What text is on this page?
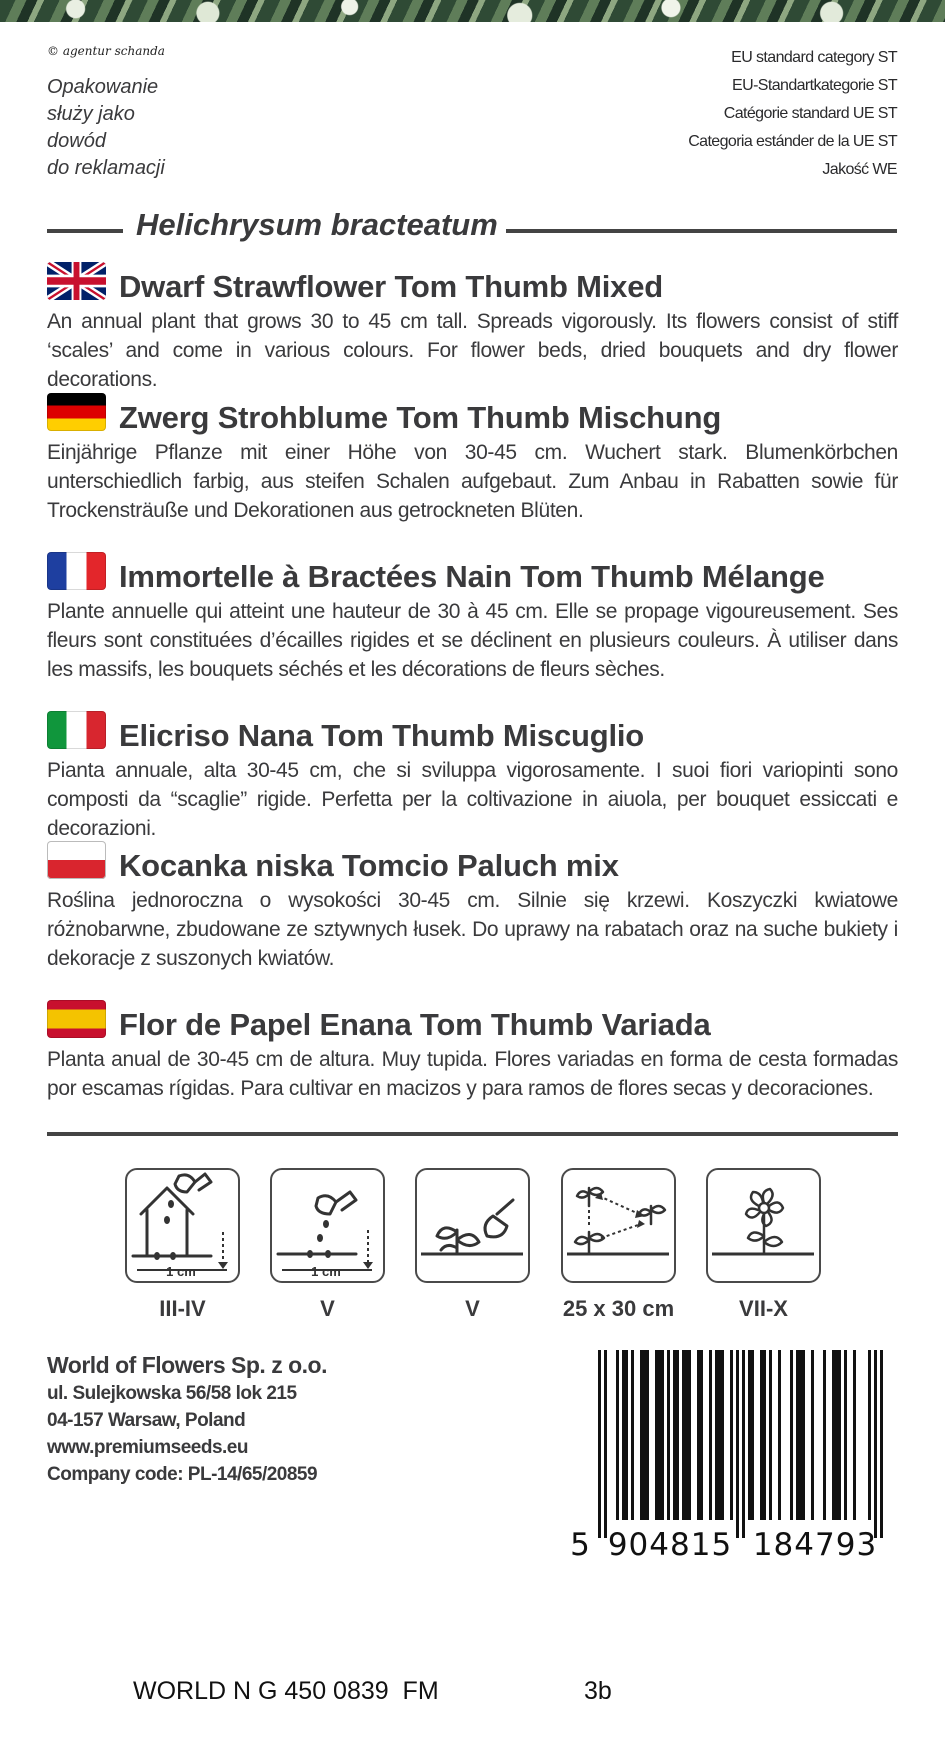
© agentur schanda
Opakowanie
służy jako
dowód
do reklamacji
EU standard category ST
EU-Standartkategorie ST
Catégorie standard UE ST
Categoria estánder de la UE ST
Jakość WE
Helichrysum bracteatum
Dwarf Strawflower Tom Thumb Mixed
An annual plant that grows 30 to 45 cm tall. Spreads vigorously. Its flowers consist of stiff ‘scales’ and come in various colours. For flower beds, dried bouquets and dry flower decorations.
Zwerg Strohblume Tom Thumb Mischung
Einjährige Pflanze mit einer Höhe von 30-45 cm. Wuchert stark. Blumenkörbchen unterschiedlich farbig, aus steifen Schalen aufgebaut. Zum Anbau in Rabatten sowie für Trockensträuße und Dekorationen aus getrockneten Blüten.
Immortelle à Bractées Nain Tom Thumb Mélange
Plante annuelle qui atteint une hauteur de 30 à 45 cm. Elle se propage vigoureusement. Ses fleurs sont constituées d’écailles rigides et se déclinent en plusieurs couleurs. À utiliser dans les massifs, les bouquets séchés et les décorations de fleurs sèches.
Elicriso Nana Tom Thumb Miscuglio
Pianta annuale, alta 30-45 cm, che si sviluppa vigorosamente. I suoi fiori variopinti sono composti da “scaglie” rigide. Perfetta per la coltivazione in aiuola, per bouquet essiccati e decorazioni.
Kocanka niska Tomcio Paluch mix
Roślina jednoroczna o wysokości 30-45 cm. Silnie się krzewi. Koszyczki kwiatowe różnobarwne, zbudowane ze sztywnych łusek. Do uprawy na rabatach oraz na suche bukiety i dekoracje z suszonych kwiatów.
Flor de Papel Enana Tom Thumb Variada
Planta anual de 30-45 cm de altura. Muy tupida. Flores variadas en forma de cesta formadas por escamas rígidas. Para cultivar en macizos y para ramos de flores secas y decoraciones.
1 cm	1 cm
III-IV	V	V	25 x 30 cm	VII-X
World of Flowers Sp. z o.o.
ul. Sulejkowska 56/58 lok 215
04-157 Warsaw, Poland
www.premiumseeds.eu
Company code: PL-14/65/20859
5 904815 184793
WORLD N G 450 0839  FM	3b
